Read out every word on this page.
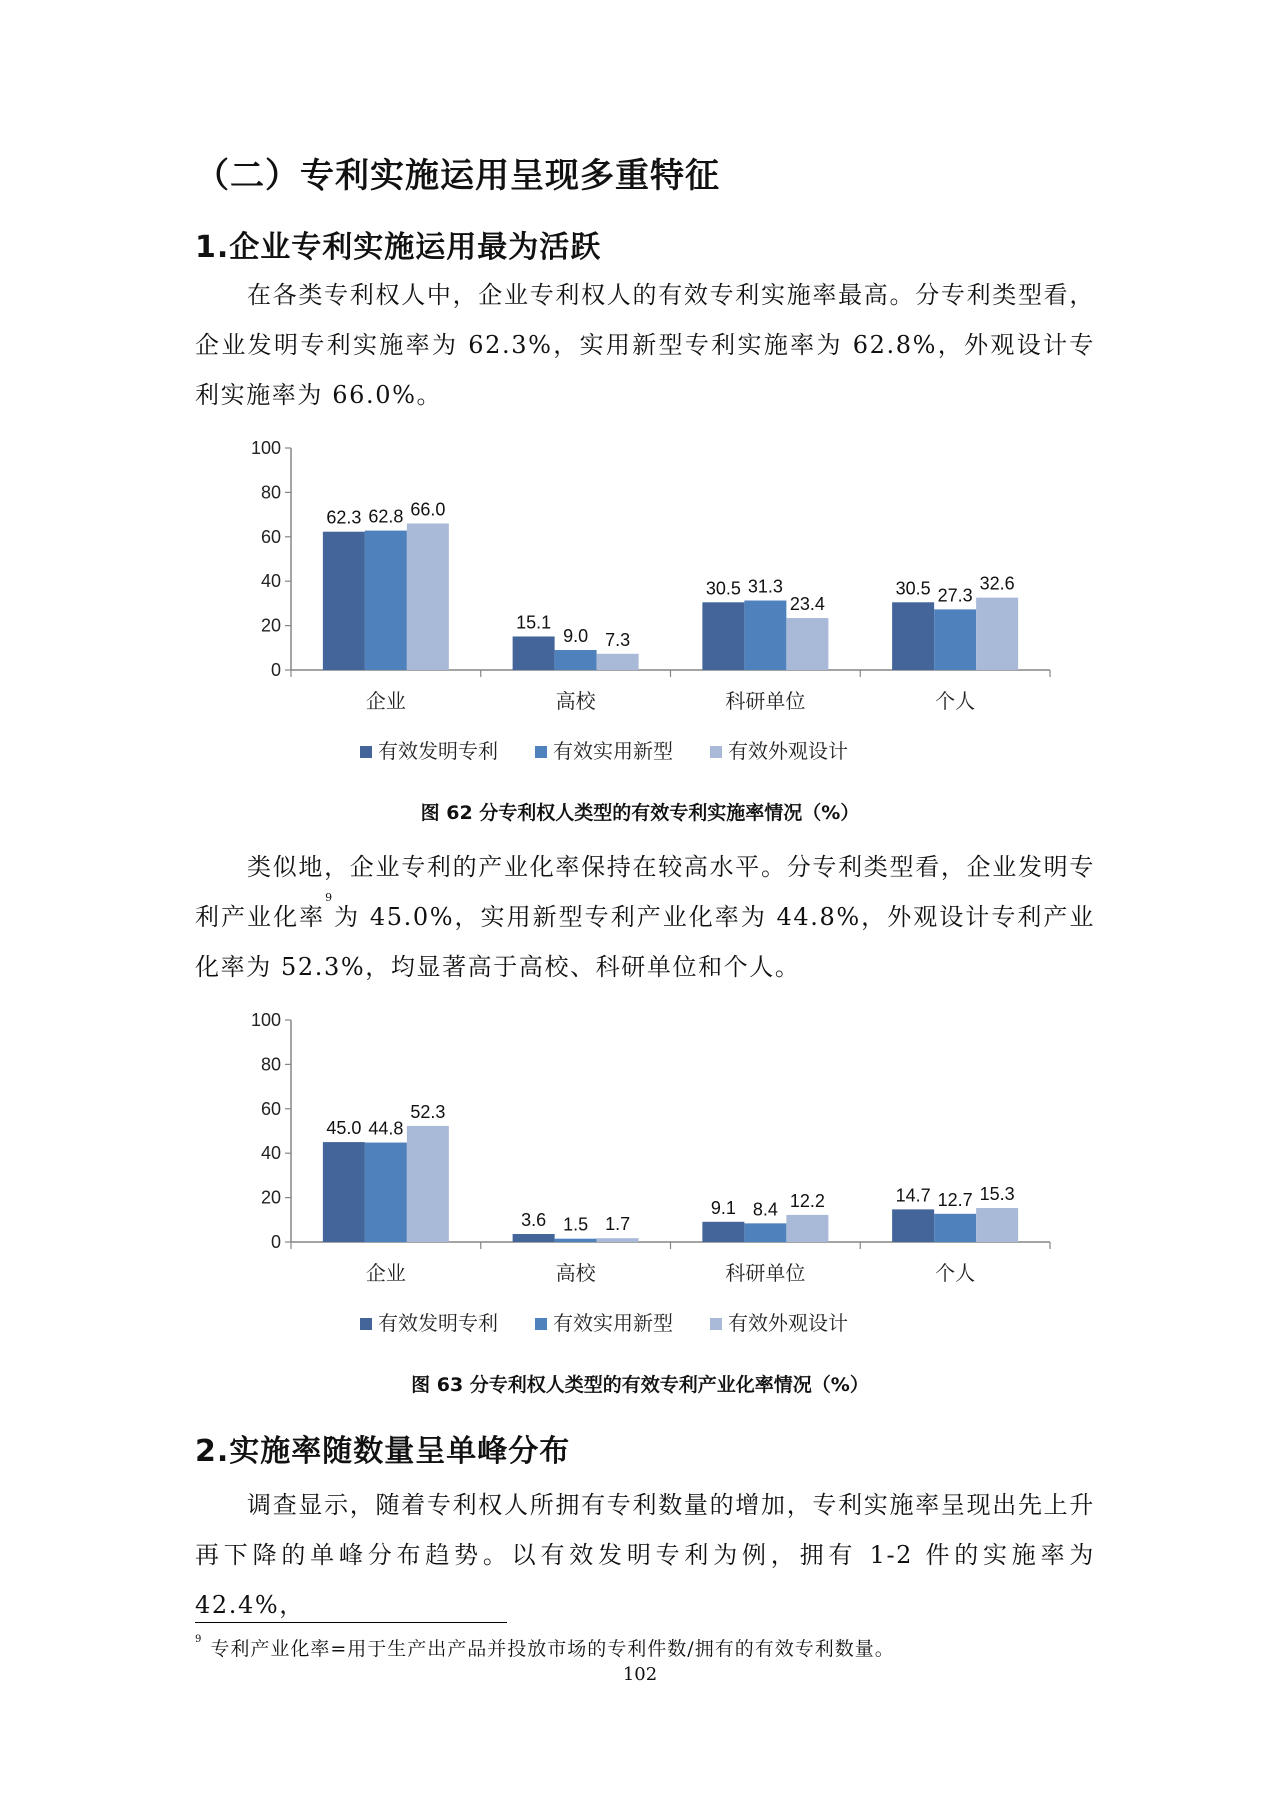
（二）专利实施运用呈现多重特征
1.企业专利实施运用最为活跃
在各类专利权人中，企业专利权人的有效专利实施率最高。分专利类型看，企业发明专利实施率为 62.3%，实用新型专利实施率为 62.8%，外观设计专利实施率为 66.0%。
0
20
40
60
80
100
企业
62.3 62.8 66.0
高校
15.1
9.0 7.3
科研单位
30.5 31.3
23.4
个人
30.5 27.3
32.6
有效发明专利	有效实用新型	有效外观设计
图 62 分专利权人类型的有效专利实施率情况（%）
类似地，企业专利的产业化率保持在较高水平。分专利类型看，企业发明专利产业化率$^9$为 45.0%，实用新型专利产业化率为 44.8%，外观设计专利产业化率为 52.3%，均显著高于高校、科研单位和个人。
0
20
40
60
80
100
企业
45.0 44.8
52.3
高校
3.6 1.5 1.7
科研单位
9.1 8.4 12.2
个人
14.7 12.7 15.3
有效发明专利	有效实用新型	有效外观设计
图 63 分专利权人类型的有效专利产业化率情况（%）
2.实施率随数量呈单峰分布
调查显示，随着专利权人所拥有专利数量的增加，专利实施率呈现出先上升再下降的单峰分布趋势。以有效发明专利为例，拥有 1-2 件的实施率为 42.4%，
$^9$ 专利产业化率=用于生产出产品并投放市场的专利件数/拥有的有效专利数量。
102
